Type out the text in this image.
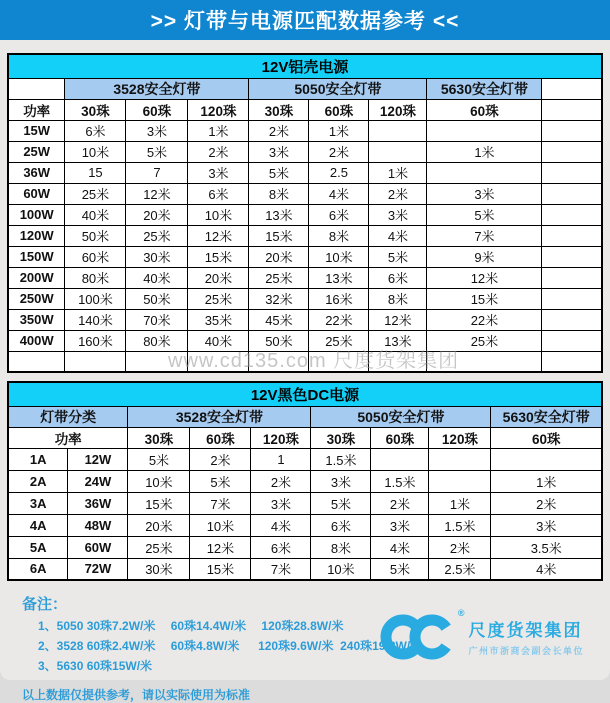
>> 灯带与电源匹配数据参考 <<
12V铝壳电源								
	3528安全灯带			5050安全灯带			5630安全灯带	
功率	30珠	60珠	120珠	30珠	60珠	120珠	60珠	
15W	6米	3米	1米	2米	1米			
25W	10米	5米	2米	3米	2米		1米	
36W	15	7	3米	5米	2.5	1米		
60W	25米	12米	6米	8米	4米	2米	3米	
100W	40米	20米	10米	13米	6米	3米	5米	
120W	50米	25米	12米	15米	8米	4米	7米	
150W	60米	30米	15米	20米	10米	5米	9米	
200W	80米	40米	20米	25米	13米	6米	12米	
250W	100米	50米	25米	32米	16米	8米	15米	
350W	140米	70米	35米	45米	22米	12米	22米	
400W	160米	80米	40米	50米	25米	13米	25米	

www.cd135.com 尺度货架集团
12V黑色DC电源								
灯带分类		3528安全灯带			5050安全灯带			5630安全灯带
功率		30珠	60珠	120珠	30珠	60珠	120珠	60珠
1A	12W	5米	2米	1	1.5米			
2A	24W	10米	5米	2米	3米	1.5米		1米
3A	36W	15米	7米	3米	5米	2米	1米	2米
4A	48W	20米	10米	4米	6米	3米	1.5米	3米
5A	60W	25米	12米	6米	8米	4米	2米	3.5米
6A	72W	30米	15米	7米	10米	5米	2.5米	4米
备注：
1、5050 30珠7.2W/米　 60珠14.4W/米　 120珠28.8W/米
2、3528 60珠2.4W/米　 60珠4.8W/米　  120珠9.6W/米  240珠19.2W/米
3、5630 60珠15W/米
以上数据仅提供参考，请以实际使用为标准
®
尺度货架集团
广州市浙商会副会长单位
